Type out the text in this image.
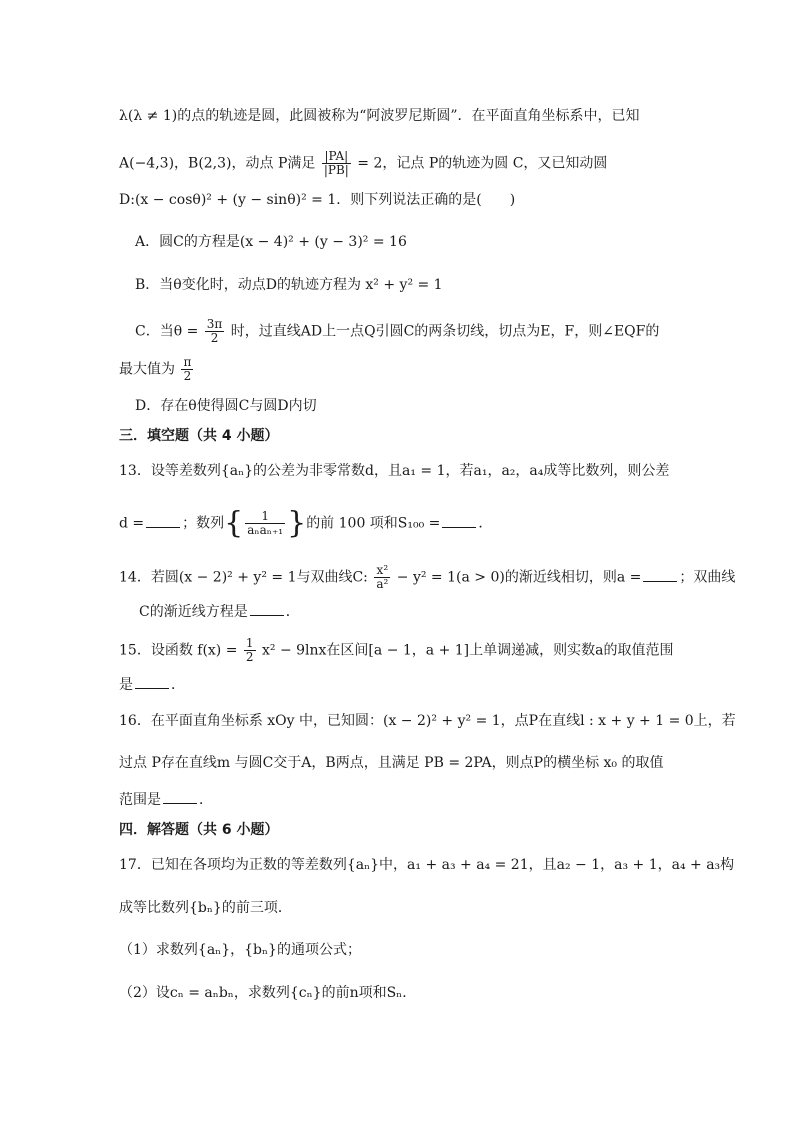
λ(λ ≠ 1)的点的轨迹是圆，此圆被称为“阿波罗尼斯圆”．在平面直角坐标系中，已知
A(−4,3)，B(2,3)，动点 P满足 $\frac{|PA|}{|PB|} = 2$，记点 P的轨迹为圆 C，又已知动圆
D:(x − cosθ)² + (y − sinθ)² = 1．则下列说法正确的是(　　)
A．圆C的方程是(x − 4)² + (y − 3)² = 16
B．当θ变化时，动点D的轨迹方程为 x² + y² = 1
C．当$\theta = \frac{3\pi}{2}$ 时，过直线AD上一点Q引圆C的两条切线，切点为E，F，则∠EQF的
最大值为 $\frac{\pi}{2}$
D．存在θ使得圆C与圆D内切
三．填空题（共 4 小题）
13．设等差数列{aₙ}的公差为非零常数d，且a₁ = 1，若a₁，a₂，a₄成等比数列，则公差
d =	；数列{ $\frac{1}{\text{aₙaₙ₊₁}}$ }的前 100 项和S₁₀₀ =	．
14．若圆(x − 2)² + y² = 1与双曲线C: $\frac{\text{x²}}{\text{a²}} - y^2 = 1(a > 0)$的渐近线相切，则a =	；双曲线
C的渐近线方程是	．
15．设函数 $f(x) = \frac{1}{2} x^2 - 9\ln x$在区间[a − 1，a + 1]上单调递减，则实数a的取值范围
是	．
16．在平面直角坐标系 xOy 中，已知圆：(x − 2)² + y² = 1，点P在直线l : x + y + 1 = 0上，若
过点 P存在直线m 与圆C交于A，B两点，且满足 PB = 2PA，则点P的横坐标 x₀ 的取值
范围是	．
四．解答题（共 6 小题）
17．已知在各项均为正数的等差数列{aₙ}中，a₁ + a₃ + a₄ = 21，且a₂ − 1，a₃ + 1，a₄ + a₃构
成等比数列{bₙ}的前三项．
（1）求数列{aₙ}，{bₙ}的通项公式；
（2）设cₙ = aₙbₙ，求数列{cₙ}的前n项和Sₙ．
